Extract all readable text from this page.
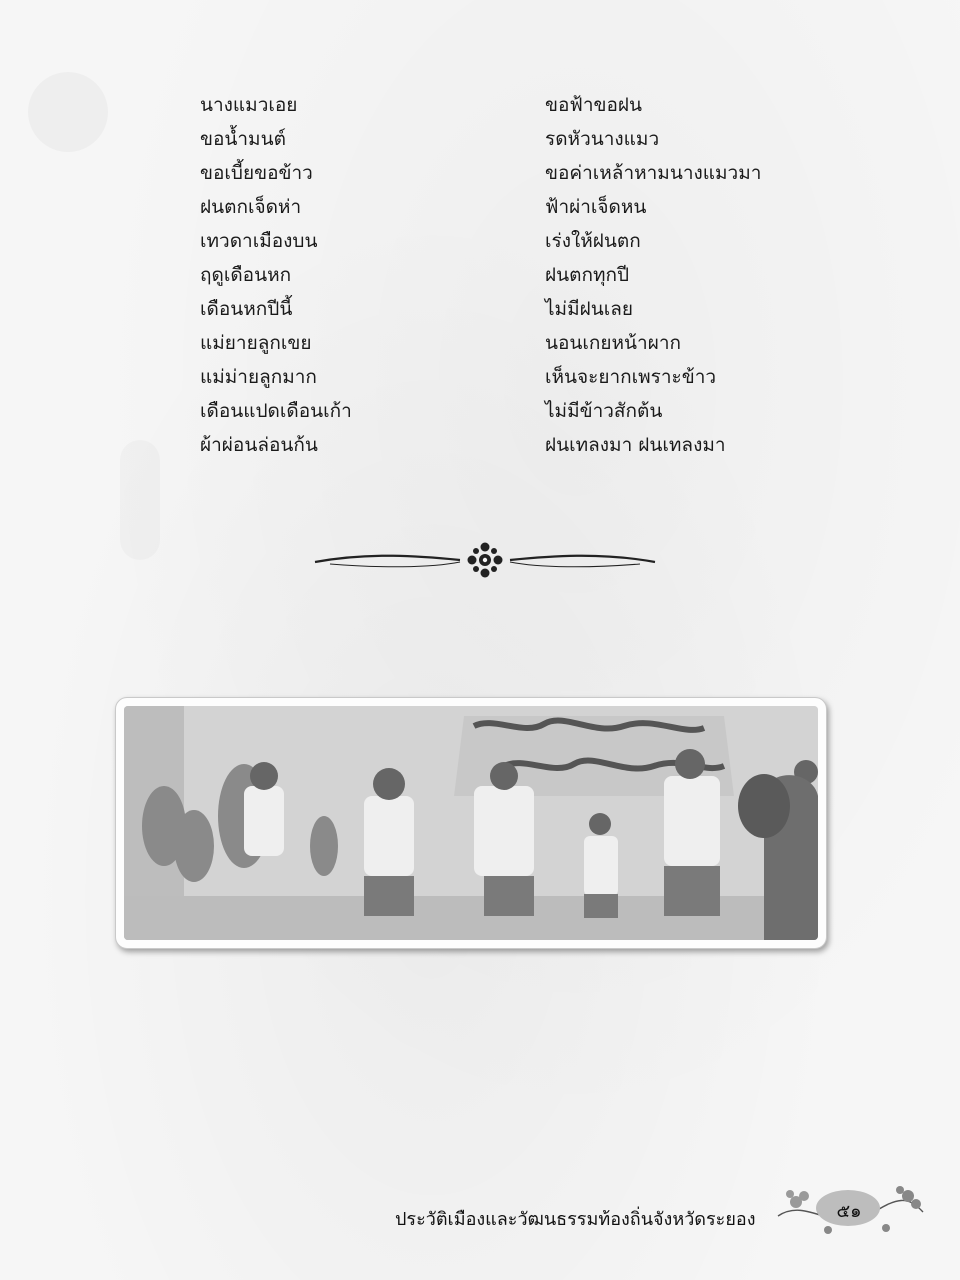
นางแมวเอย
ขอน้ำมนต์
ขอเบี้ยขอข้าว
ฝนตกเจ็ดห่า
เทวดาเมืองบน
ฤดูเดือนหก
เดือนหกปีนี้
แม่ยายลูกเขย
แม่ม่ายลูกมาก
เดือนแปดเดือนเก้า
ผ้าผ่อนล่อนก้น
ขอฟ้าขอฝน
รดหัวนางแมว
ขอค่าเหล้าหามนางแมวมา
ฟ้าผ่าเจ็ดหน
เร่งให้ฝนตก
ฝนตกทุกปี
ไม่มีฝนเลย
นอนเกยหน้าผาก
เห็นจะยากเพราะข้าว
ไม่มีข้าวสักต้น
ฝนเทลงมา ฝนเทลงมา
ประวัติเมืองและวัฒนธรรมท้องถิ่นจังหวัดระยอง	๕๑
